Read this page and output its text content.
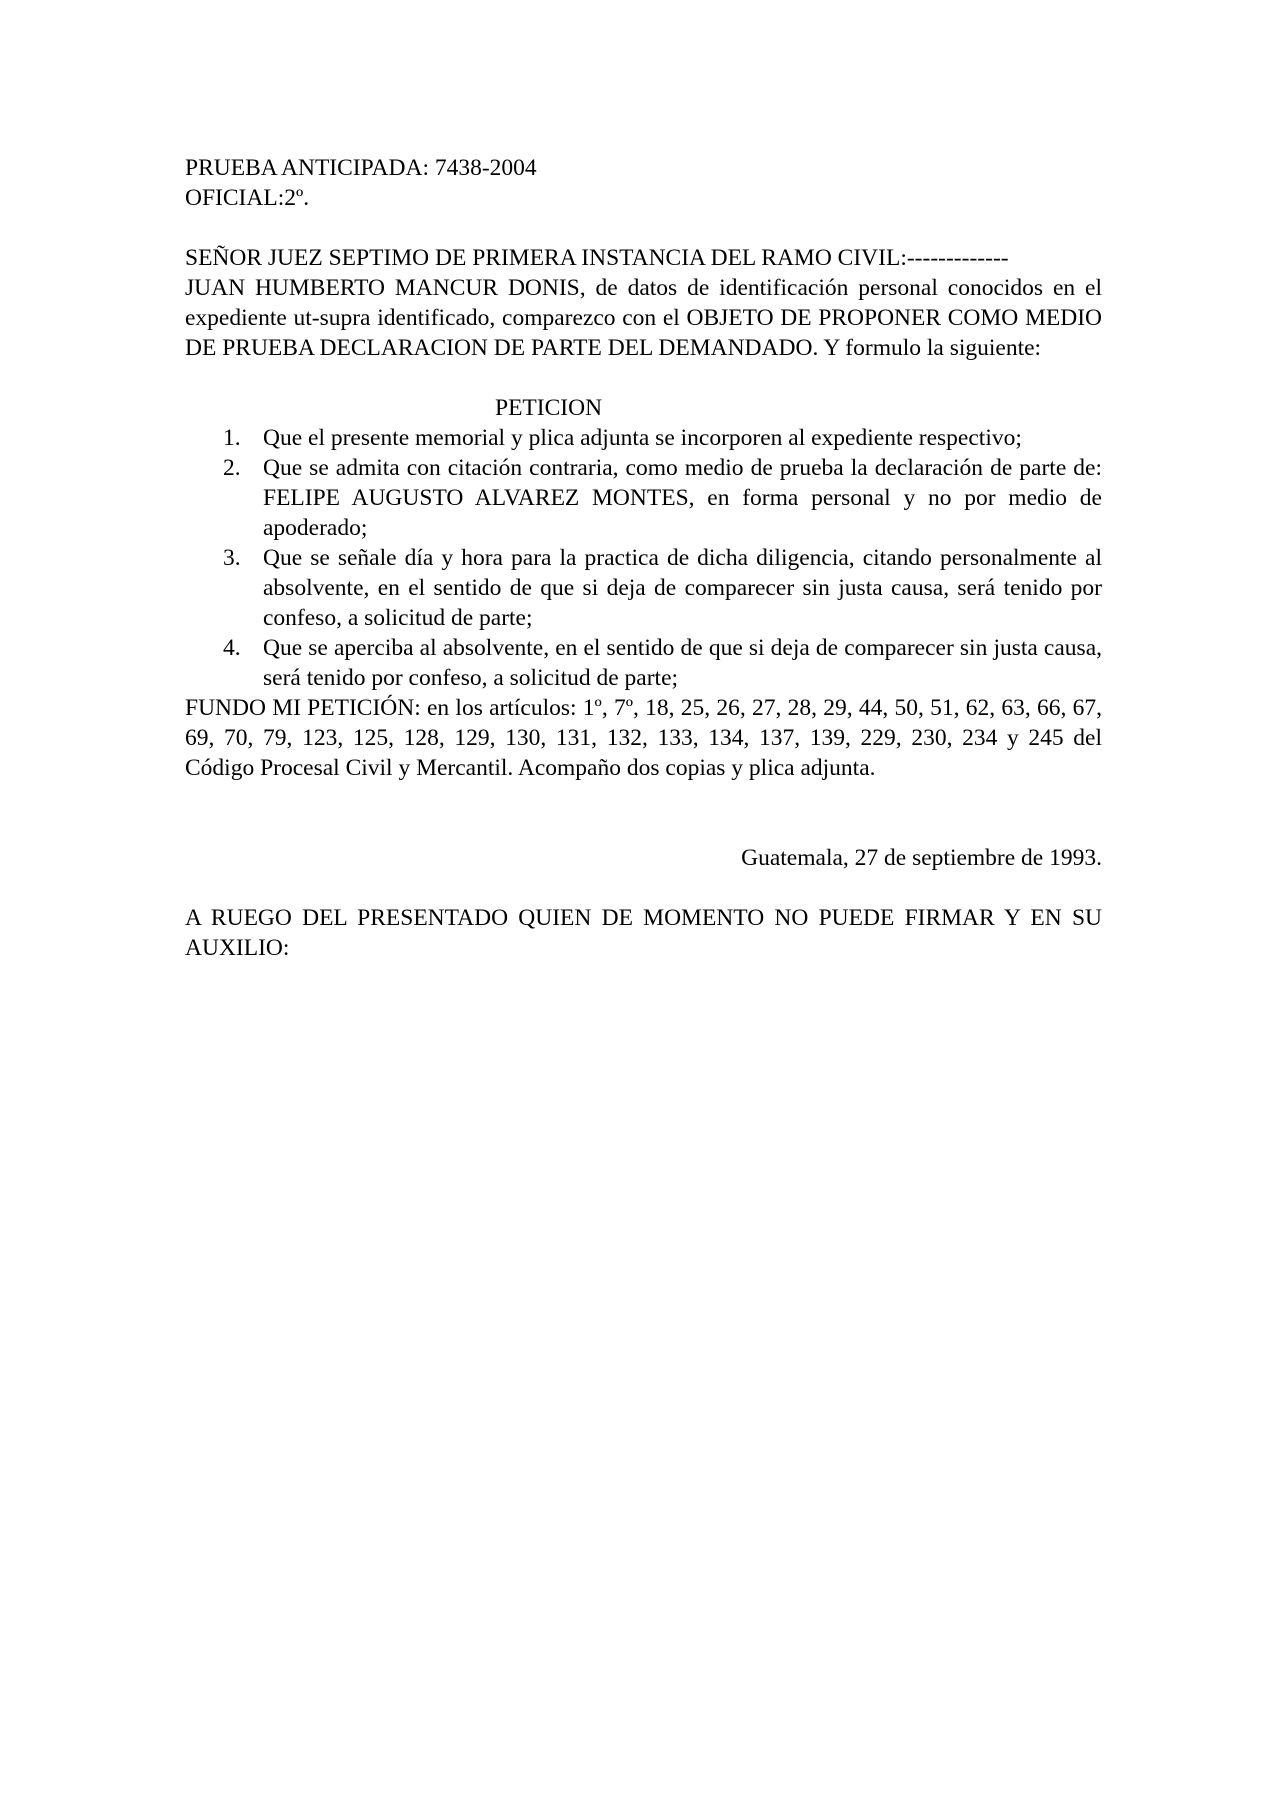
PRUEBA ANTICIPADA: 7438-2004
OFICIAL:2º.
SEÑOR JUEZ SEPTIMO DE PRIMERA INSTANCIA DEL RAMO CIVIL:-------------
JUAN HUMBERTO MANCUR DONIS, de datos de identificación personal conocidos en el expediente ut-supra identificado, comparezco con el OBJETO DE PROPONER COMO MEDIO DE PRUEBA DECLARACION DE PARTE DEL DEMANDADO. Y formulo la siguiente:
PETICION
1. Que el presente memorial y plica adjunta se incorporen al expediente respectivo;
2. Que se admita con citación contraria, como medio de prueba la declaración de parte de: FELIPE AUGUSTO ALVAREZ MONTES, en forma personal y no por medio de apoderado;
3. Que se señale día y hora para la practica de dicha diligencia, citando personalmente al absolvente, en el sentido de que si deja de comparecer sin justa causa, será tenido por confeso, a solicitud de parte;
4. Que se aperciba al absolvente, en el sentido de que si deja de comparecer sin justa causa, será tenido por confeso, a solicitud de parte;
FUNDO MI PETICIÓN: en los artículos: 1º, 7º, 18, 25, 26, 27, 28, 29, 44, 50, 51, 62, 63, 66, 67, 69, 70, 79, 123, 125, 128, 129, 130, 131, 132, 133, 134, 137, 139, 229, 230, 234 y 245 del Código Procesal Civil y Mercantil. Acompaño dos copias y plica adjunta.
Guatemala, 27 de septiembre de 1993.
A RUEGO DEL PRESENTADO QUIEN DE MOMENTO NO PUEDE FIRMAR Y EN SU AUXILIO:
